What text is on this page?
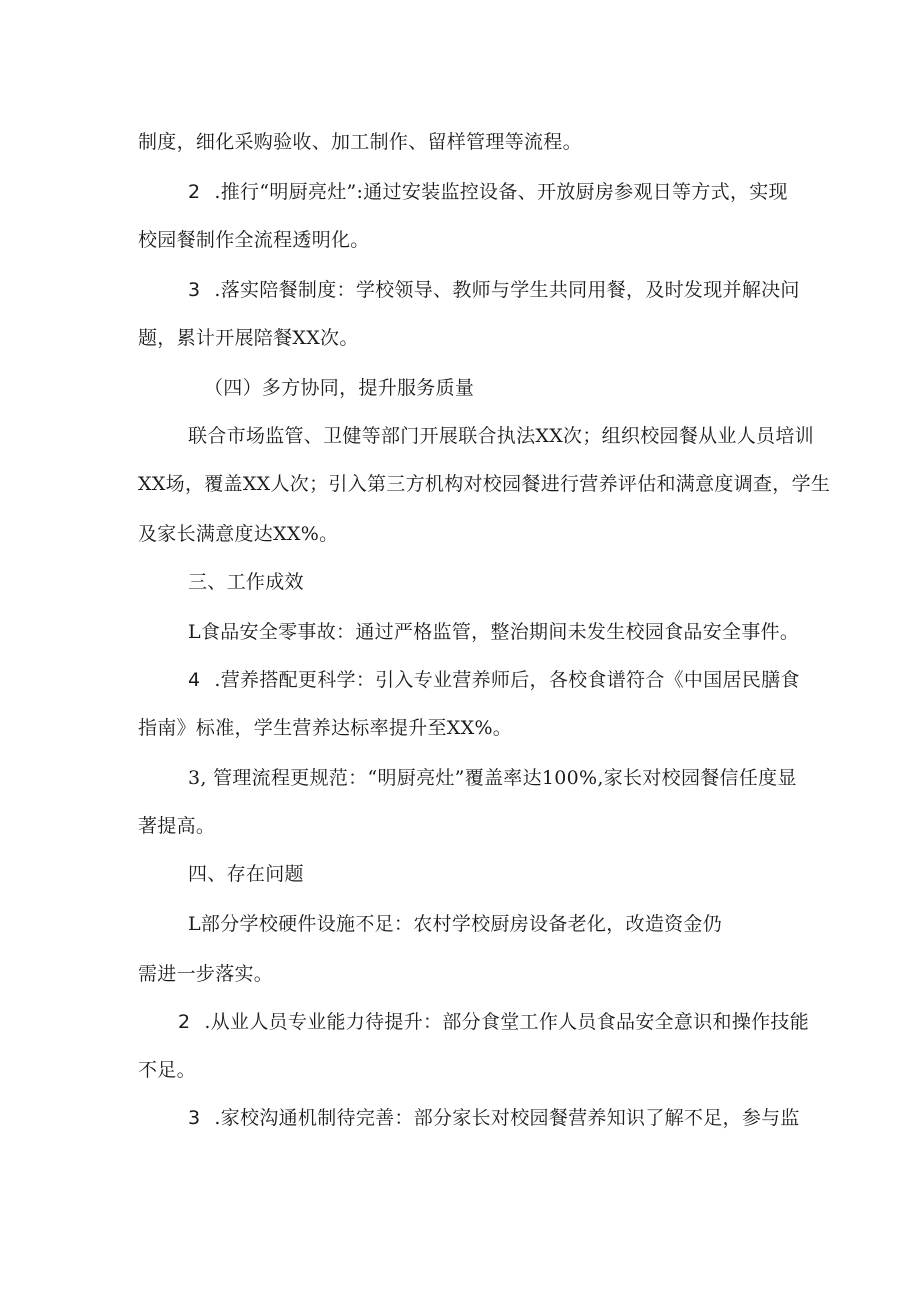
制度，细化采购验收、加工制作、留样管理等流程。
2 .推行“明厨亮灶”:通过安装监控设备、开放厨房参观日等方式，实现
校园餐制作全流程透明化。
3 .落实陪餐制度：学校领导、教师与学生共同用餐，及时发现并解决问
题，累计开展陪餐XX次。
（四）多方协同，提升服务质量
联合市场监管、卫健等部门开展联合执法XX次；组织校园餐从业人员培训
XX场，覆盖XX人次；引入第三方机构对校园餐进行营养评估和满意度调查，学生
及家长满意度达XX%。
三、工作成效
L食品安全零事故：通过严格监管，整治期间未发生校园食品安全事件。
4 .营养搭配更科学：引入专业营养师后，各校食谱符合《中国居民膳食
指南》标准，学生营养达标率提升至XX%。
3, 管理流程更规范：“明厨亮灶”覆盖率达100%,家长对校园餐信任度显
著提高。
四、存在问题
L部分学校硬件设施不足：农村学校厨房设备老化，改造资金仍
需进一步落实。
2 .从业人员专业能力待提升：部分食堂工作人员食品安全意识和操作技能
不足。
3 .家校沟通机制待完善：部分家长对校园餐营养知识了解不足，参与监
